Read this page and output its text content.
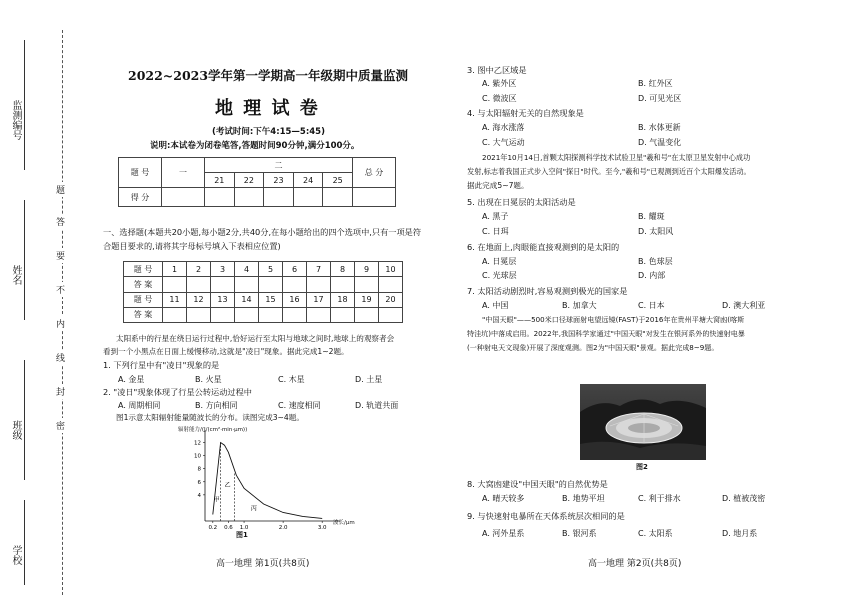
监测编号
姓名
班级
学校
题
答
要
不
内
线
封
密
2022~2023学年第一学期高一年级期中质量监测
地 理 试 卷
(考试时间:下午4:15—5:45)
说明:本试卷为闭卷笔答,答题时间90分钟,满分100分。
题 号	一	二					总 分
		21	22	23	24	25	
得 分							
一、选择题(本题共20小题,每小题2分,共40分,在每小题给出的四个选项中,只有一项是符
合题目要求的,请将其字母标号填入下表相应位置)
题 号	1	2	3	4	5	6	7	8	9	10
答 案										
题 号	11	12	13	14	15	16	17	18	19	20
答 案										
太阳系中的行星在绕日运行过程中,恰好运行至太阳与地球之间时,地球上的观察者会
看到一个小黑点在日面上缓慢移动,这就是"凌日"现象。据此完成1~2题。
1. 下列行星中有"凌日"现象的是
A. 金星	B. 火星	C. 木星	D. 土星
2. "凌日"现象体现了行星公转运动过程中
A. 周期相同	B. 方向相同	C. 速度相同	D. 轨道共面
图1示意太阳辐射能量随波长的分布。读图完成3~4题。
4
6
8
10
12
0.2 0.6 1.0	2.0	3.0
甲
乙
丙
辐射能力/(J/(cm²·min·μm))
波长/μm
图1
高一地理 第1页(共8页)
3. 图中乙区域是
A. 紫外区	B. 红外区
C. 微波区	D. 可见光区
4. 与太阳辐射无关的自然现象是
A. 海水涨落	B. 水体更新
C. 大气运动	D. 气温变化
2021年10月14日,首颗太阳探测科学技术试验卫星"羲和号"在太原卫星发射中心成功
发射,标志着我国正式步入空间"探日"时代。至今,"羲和号"已观测到近百个太阳爆发活动。
据此完成5~7题。
5. 出现在日冕层的太阳活动是
A. 黑子	B. 耀斑
C. 日珥	D. 太阳风
6. 在地面上,肉眼能直接观测到的是太阳的
A. 日冕层	B. 色球层
C. 光球层	D. 内部
7. 太阳活动剧烈时,容易观测到极光的国家是
A. 中国	B. 加拿大	C. 日本	D. 澳大利亚
"中国天眼"——500米口径球面射电望远镜(FAST)于2016年在贵州平塘大窝凼(喀斯
特洼坑)中落成启用。2022年,我国科学家通过"中国天眼"对发生在银河系外的快速射电暴
(一种射电天文现象)开展了深度观测。图2为"中国天眼"景观。据此完成8~9题。
图2
8. 大窝凼建设"中国天眼"的自然优势是
A. 晴天较多	B. 地势平坦	C. 利于排水	D. 植被茂密
9. 与快速射电暴所在天体系统层次相同的是
A. 河外星系	B. 银河系	C. 太阳系	D. 地月系
高一地理 第2页(共8页)
